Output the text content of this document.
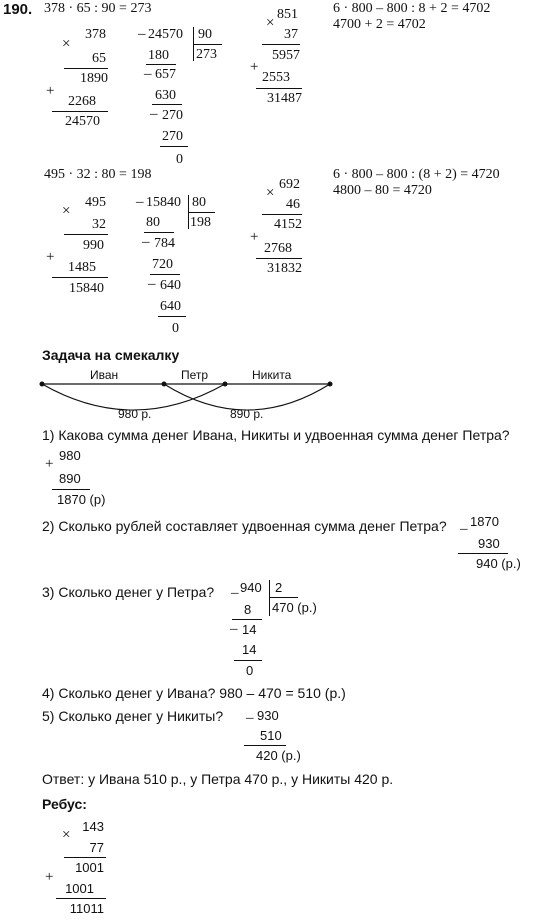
190. 378 · 65 : 90 = 273
×
378
65
1890
+
2268
24570
_ 24570 90
273
180
_ 657
630
_ 270
270
0
×
851
37
5957
+
2553
31487
6 · 800 – 800 : 8 + 2 = 4702
4700 + 2 = 4702
495 · 32 : 80 = 198
×
495
32
990
+
1485
15840
_ 15840 80
198
80
_ 784
720
_ 640
640
0
×
692
46
4152
+
2768
31832
6 · 800 – 800 : (8 + 2) = 4720
4800 – 80 = 4720
Задача на смекалку
Иван	Петр	Никита
980 р.	890 р.
1) Какова сумма денег Ивана, Никиты и удвоенная сумма денег Петра?
+
980
890
1870 (р)
2) Сколько рублей составляет удвоенная сумма денег Петра? _ 1870
930
940 (р.)
3) Сколько денег у Петра? _ 940 2
470 (р.)
8
_ 14
14
0
4) Сколько денег у Ивана? 980 – 470 = 510 (р.)
5) Сколько денег у Никиты? _ 930
510
420 (р.)
Ответ: у Ивана 510 р., у Петра 470 р., у Никиты 420 р.
Ребус:
×
143
77
1001
+
1001
11011
